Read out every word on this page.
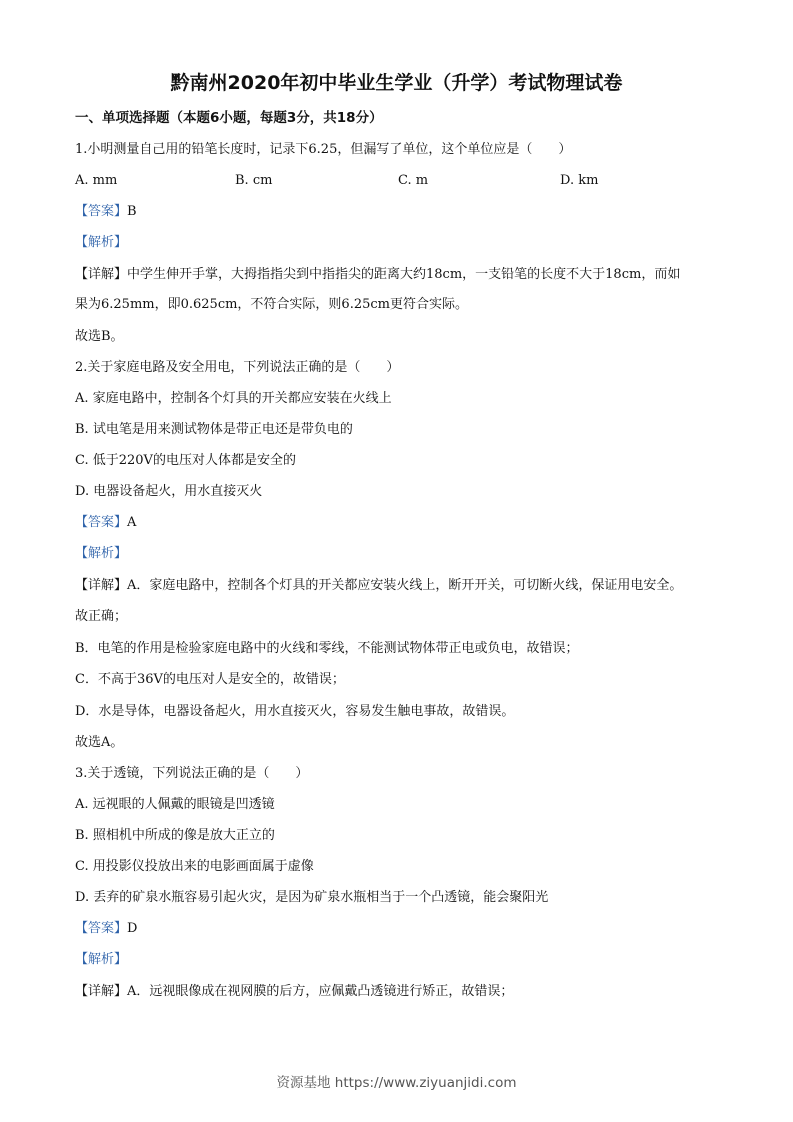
黔南州2020年初中毕业生学业（升学）考试物理试卷
一、单项选择题（本题6小题，每题3分，共18分）
1.小明测量自己用的铅笔长度时，记录下6.25，但漏写了单位，这个单位应是（　　）
A. mm	B. cm	C. m	D. km
【答案】B
【解析】
【详解】中学生伸开手掌，大拇指指尖到中指指尖的距离大约18cm，一支铅笔的长度不大于18cm，而如
果为6.25mm，即0.625cm，不符合实际，则6.25cm更符合实际。
故选B。
2.关于家庭电路及安全用电，下列说法正确的是（　　）
A. 家庭电路中，控制各个灯具的开关都应安装在火线上
B. 试电笔是用来测试物体是带正电还是带负电的
C. 低于220V的电压对人体都是安全的
D. 电器设备起火，用水直接灭火
【答案】A
【解析】
【详解】A．家庭电路中，控制各个灯具的开关都应安装火线上，断开开关，可切断火线，保证用电安全。
故正确；
B．电笔的作用是检验家庭电路中的火线和零线，不能测试物体带正电或负电，故错误；
C．不高于36V的电压对人是安全的，故错误；
D．水是导体，电器设备起火，用水直接灭火，容易发生触电事故，故错误。
故选A。
3.关于透镜，下列说法正确的是（　　）
A. 远视眼的人佩戴的眼镜是凹透镜
B. 照相机中所成的像是放大正立的
C. 用投影仪投放出来的电影画面属于虚像
D. 丢弃的矿泉水瓶容易引起火灾，是因为矿泉水瓶相当于一个凸透镜，能会聚阳光
【答案】D
【解析】
【详解】A．远视眼像成在视网膜的后方，应佩戴凸透镜进行矫正，故错误；
资源基地 https://www.ziyuanjidi.com
